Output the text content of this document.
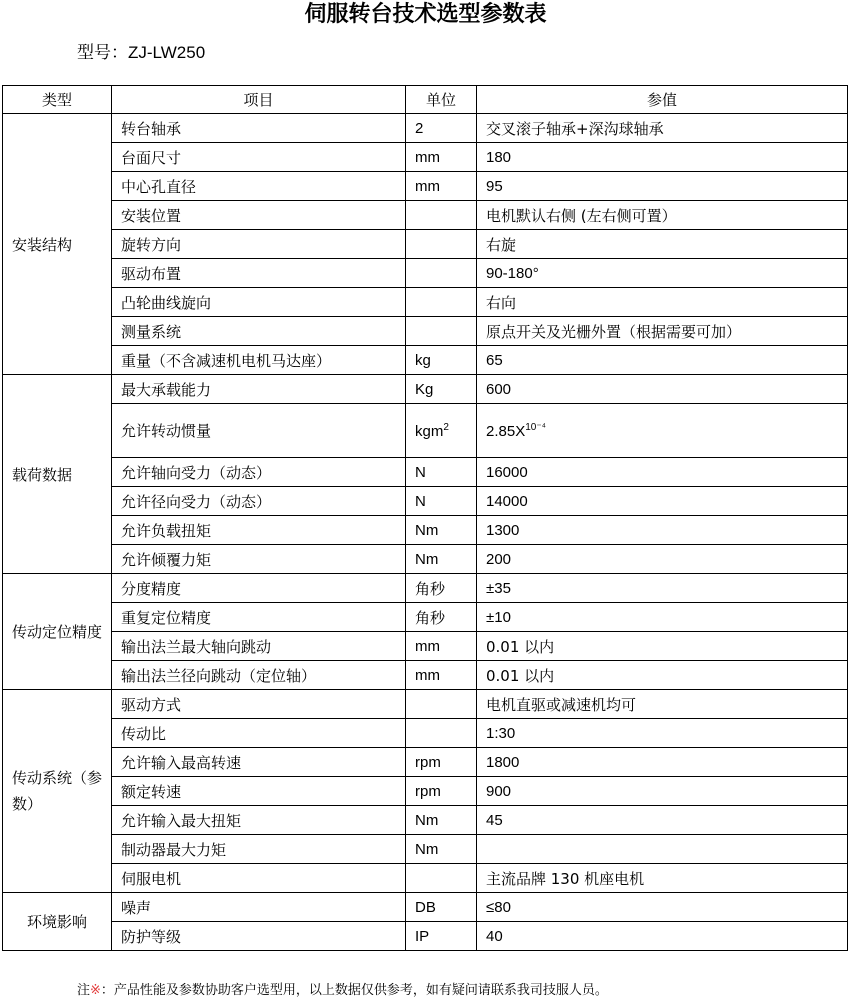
伺服转台技术选型参数表
型号：ZJ-LW250
类型	项目	单位	参值
安装结构	转台轴承	2	交叉滚子轴承+深沟球轴承
	台面尺寸	mm	180
	中心孔直径	mm	95
	安装位置		电机默认右侧 (左右侧可置）
	旋转方向		右旋
	驱动布置		90-180°
	凸轮曲线旋向		右向
	测量系统		原点开关及光栅外置（根据需要可加）
	重量（不含减速机电机马达座）	kg	65
载荷数据	最大承载能力	Kg	600
	允许转动惯量	kgm$^2$	$2.85X^{10^{-4}}$
	允许轴向受力（动态）	N	16000
	允许径向受力（动态）	N	14000
	允许负载扭矩	Nm	1300
	允许倾覆力矩	Nm	200
传动定位精度	分度精度	角秒	±35
	重复定位精度	角秒	±10
	输出法兰最大轴向跳动	mm	0.01 以内
	输出法兰径向跳动（定位轴）	mm	0.01 以内
传动系统（参数）	驱动方式		电机直驱或减速机均可
	传动比		1:30
	允许输入最高转速	rpm	1800
	额定转速	rpm	900
	允许输入最大扭矩	Nm	45
	制动器最大力矩	Nm	
	伺服电机		主流品牌 130 机座电机
环境影响	噪声	DB	≤80
	防护等级	IP	40
注※：产品性能及参数协助客户选型用，以上数据仅供参考，如有疑问请联系我司技服人员。
